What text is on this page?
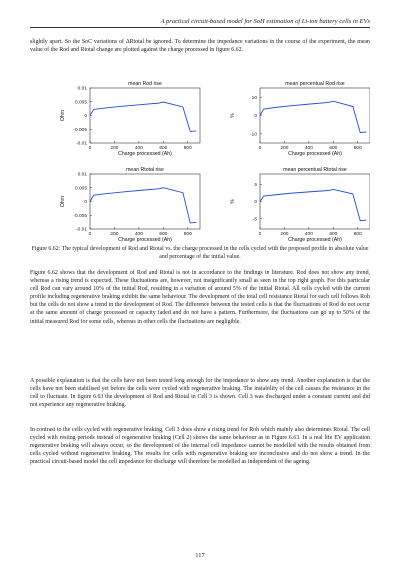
A practical circuit-based model for SoH estimation of Li-ion battery cells in EVs

slightly apart. So the SoC variations of ΔRtotal be ignored. To determine the impedance variations in the course of the experiment, the mean value of the Rod and Rtotal change are plotted against the charge processed in figure 6.62.

mean Rod rise
Charge processed (Ah)
Ohm
0	200	400	600	800
0.01
0.005
0
-0.005
-0.01
mean percentual Rod rise
Charge processed (Ah)
%
0	200	400	600	800
10
0
-10
mean Rtotal rise
Charge processed (Ah)
Ohm
0	200	400	600	800
0.01
0.005
0
-0.005
-0.01
mean percentual Rtotal rise
Charge processed (Ah)
%
0	200	400	600	800
5
0
-5

Figure 6.62: The typical development of Rod and Rtotal vs. the charge processed in the cells cycled with the proposed profile in absolute value and percentage of the initial value.

Figure 6.62 shows that the development of Rod and Rtotal is not in accordance to the findings in literature. Rod does not show any trend, whereas a rising trend is expected. These fluctuations are, however, not insignificantly small as seen in the top right graph. For this particular cell Rod can vary around 10% of the initial Rod, resulting in a variation of around 5% of the initial Rtotal. All cells cycled with the current profile including regenerative braking exhibit the same behaviour. The development of the total cell resistance Rtotal for each cell follows Roh but the cells do not show a trend in the development of Rod. The difference between the tested cells is that the fluctuations of Rod do not occur at the same amount of charge processed or capacity faded and do not have a pattern. Furthermore, the fluctuations can go up to 50% of the initial measured Rod for some cells, whereas in other cells the fluctuations are negligible.

A possible explanation is that the cells have not been tested long enough for the impedance to show any trend. Another explanation is that the cells have not been stabilised yet before the cells were cycled with regenerative braking. The instability of the cell causes the resistance in the cell to fluctuate. In figure 6.63 the development of Rod and Rtotal in Cell 3 is shown. Cell 3 was discharged under a constant current and did not experience any regenerative braking.

In contrast to the cells cycled with regenerative braking, Cell 3 does show a rising trend for Roh which mainly also determines Rtotal. The cell cycled with resting periods instead of regenerative braking (Cell 2) shows the same behaviour as in Figure 6.63. In a real life EV application regenerative braking will always occur, so the development of the internal cell impedance cannot be modelled with the results obtained from cells cycled without regenerative braking. The results for cells with regenerative braking are inconclusive and do not show a trend. In the practical circuit-based model the cell impedance for discharge will therefore be modelled as independent of the ageing.

117
